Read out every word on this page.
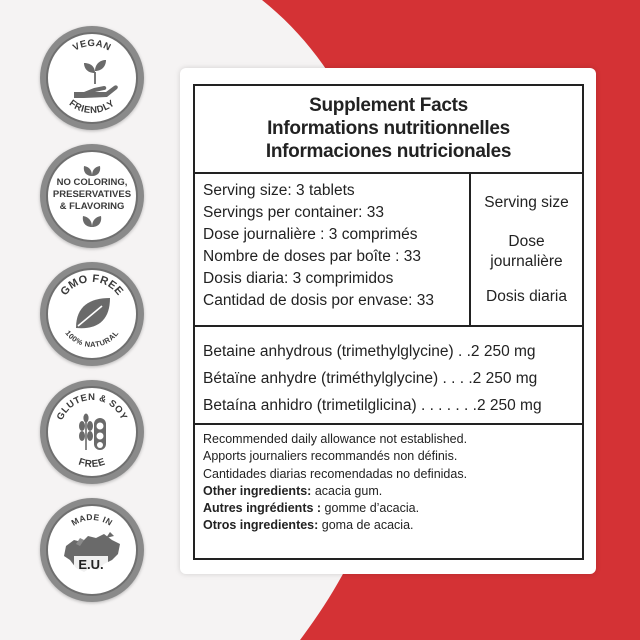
VEGAN
FRIENDLY
NO COLORING,
PRESERVATIVES
& FLAVORING
GMO FREE
100% NATURAL
GLUTEN & SOY
FREE
MADE IN
E.U.
Supplement Facts
Informations nutritionnelles
Informaciones nutricionales
Serving size: 3 tablets
Servings per container: 33
Dose journalière : 3 comprimés
Nombre de doses par boîte : 33
Dosis diaria: 3 comprimidos
Cantidad de dosis por envase: 33
Serving size
Dose
journalière
Dosis diaria
Betaine anhydrous (trimethylglycine) . .2 250 mg
Bétaïne anhydre (triméthylglycine) . . . .2 250 mg
Betaína anhidro (trimetilglicina) . . . . . . .2 250 mg
Recommended daily allowance not established.
Apports journaliers recommandés non définis.
Cantidades diarias recomendadas no definidas.
Other ingredients: acacia gum.
Autres ingrédients : gomme d’acacia.
Otros ingredientes: goma de acacia.
